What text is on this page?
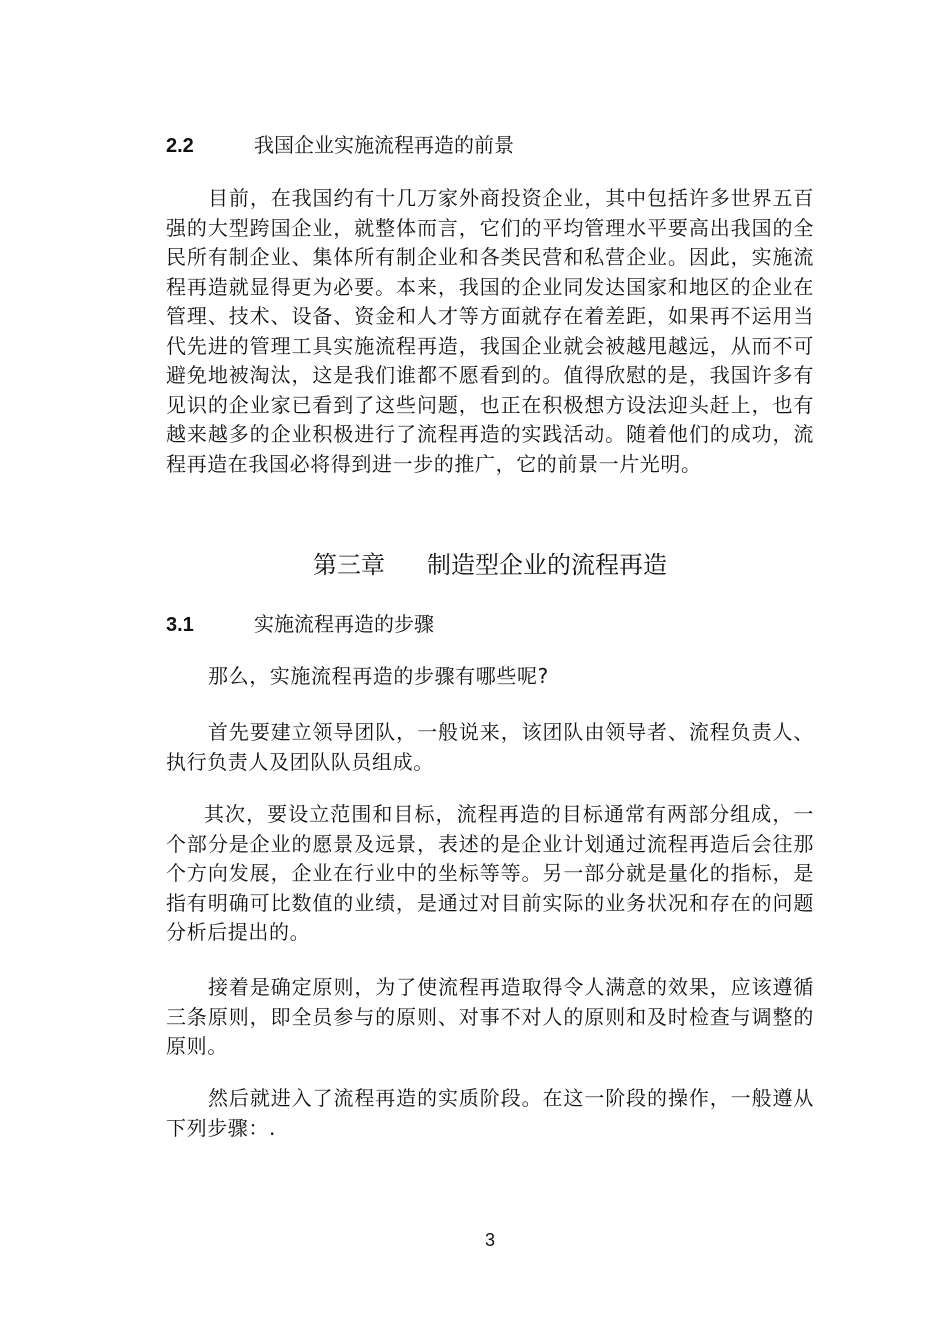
2.2	我国企业实施流程再造的前景

目前，在我国约有十几万家外商投资企业，其中包括许多世界五百强的大型跨国企业，就整体而言，它们的平均管理水平要高出我国的全民所有制企业、集体所有制企业和各类民营和私营企业。因此，实施流程再造就显得更为必要。本来，我国的企业同发达国家和地区的企业在管理、技术、设备、资金和人才等方面就存在着差距，如果再不运用当代先进的管理工具实施流程再造，我国企业就会被越甩越远，从而不可避免地被淘汰，这是我们谁都不愿看到的。值得欣慰的是，我国许多有见识的企业家已看到了这些问题，也正在积极想方设法迎头赶上，也有越来越多的企业积极进行了流程再造的实践活动。随着他们的成功，流程再造在我国必将得到进一步的推广，它的前景一片光明。

第三章 制造型企业的流程再造
3.1	实施流程再造的步骤

那么，实施流程再造的步骤有哪些呢?

首先要建立领导团队，一般说来，该团队由领导者、流程负责人、执行负责人及团队队员组成。

其次，要设立范围和目标，流程再造的目标通常有两部分组成，一个部分是企业的愿景及远景，表述的是企业计划通过流程再造后会往那个方向发展，企业在行业中的坐标等等。另一部分就是量化的指标，是指有明确可比数值的业绩，是通过对目前实际的业务状况和存在的问题分析后提出的。

接着是确定原则，为了使流程再造取得令人满意的效果，应该遵循三条原则，即全员参与的原则、对事不对人的原则和及时检查与调整的原则。

然后就进入了流程再造的实质阶段。在这一阶段的操作，一般遵从下列步骤：.

3
